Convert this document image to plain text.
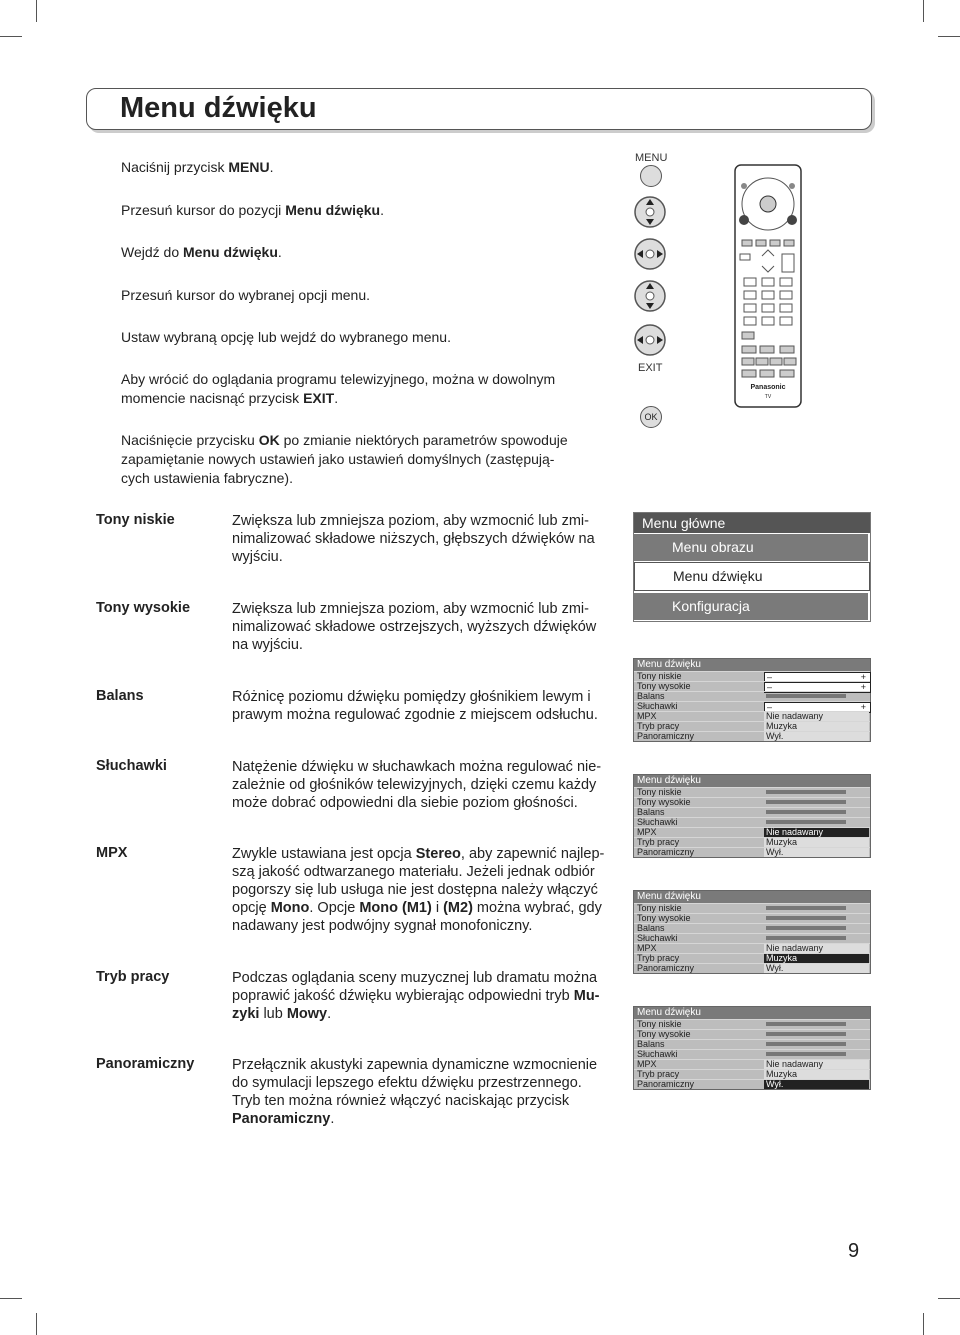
Menu dźwięku
Naciśnij przycisk MENU.
Przesuń kursor do pozycji Menu dźwięku.
Wejdź do Menu dźwięku.
Przesuń kursor do wybranej opcji menu.
Ustaw wybraną opcję lub wejdź do wybranego menu.
Aby wrócić do oglądania programu telewizyjnego, można w dowolnym
momencie nacisnąć przycisk EXIT.
Naciśnięcie przycisku OK po zmianie niektórych parametrów spowoduje
zapamiętanie nowych ustawień jako ustawień domyślnych (zastępują-
cych ustawienia fabryczne).
MENU
EXIT
OK
Panasonic
TV
Tony niskie	Zwiększa lub zmniejsza poziom, aby wzmocnić lub zmi-
nimalizować składowe niższych, głębszych dźwięków na
wyjściu.
Tony wysokie	Zwiększa lub zmniejsza poziom, aby wzmocnić lub zmi-
nimalizować składowe ostrzejszych, wyższych dźwięków
na wyjściu.
Balans	Różnicę poziomu dźwięku pomiędzy głośnikiem lewym i
prawym można regulować zgodnie z miejscem odsłuchu.
Słuchawki	Natężenie dźwięku w słuchawkach można regulować nie-
zależnie od głośników telewizyjnych, dzięki czemu każdy
może dobrać odpowiedni dla siebie poziom głośności.
MPX	Zwykle ustawiana jest opcja Stereo, aby zapewnić najlep-
szą jakość odtwarzanego materiału. Jeżeli jednak odbiór
pogorszy się lub usługa nie jest dostępna należy włączyć
opcję Mono. Opcje Mono (M1) i (M2) można wybrać, gdy
nadawany jest podwójny sygnał monofoniczny.
Tryb pracy	Podczas oglądania sceny muzycznej lub dramatu można
poprawić jakość dźwięku wybierając odpowiedni tryb Mu-
zyki lub Mowy.
Panoramiczny	Przełącznik akustyki zapewnia dynamiczne wzmocnienie
do symulacji lepszego efektu dźwięku przestrzennego.
Tryb ten można również włączyć naciskając przycisk
Panoramiczny.
Menu główne
Menu obrazu
Menu dźwięku
Konfiguracja
Menu dźwięku
Tony niskie	–	+
Tony wysokie	–	+
Balans
Słuchawki	–	+
MPX	Nie nadawany
Tryb pracy	Muzyka
Panoramiczny	Wył.
Menu dźwięku
Tony niskie
Tony wysokie
Balans
Słuchawki
MPX	Nie nadawany
Tryb pracy	Muzyka
Panoramiczny	Wył.
Menu dźwięku
Tony niskie
Tony wysokie
Balans
Słuchawki
MPX	Nie nadawany
Tryb pracy	Muzyka
Panoramiczny	Wył.
Menu dźwięku
Tony niskie
Tony wysokie
Balans
Słuchawki
MPX	Nie nadawany
Tryb pracy	Muzyka
Panoramiczny	Wył.
9
